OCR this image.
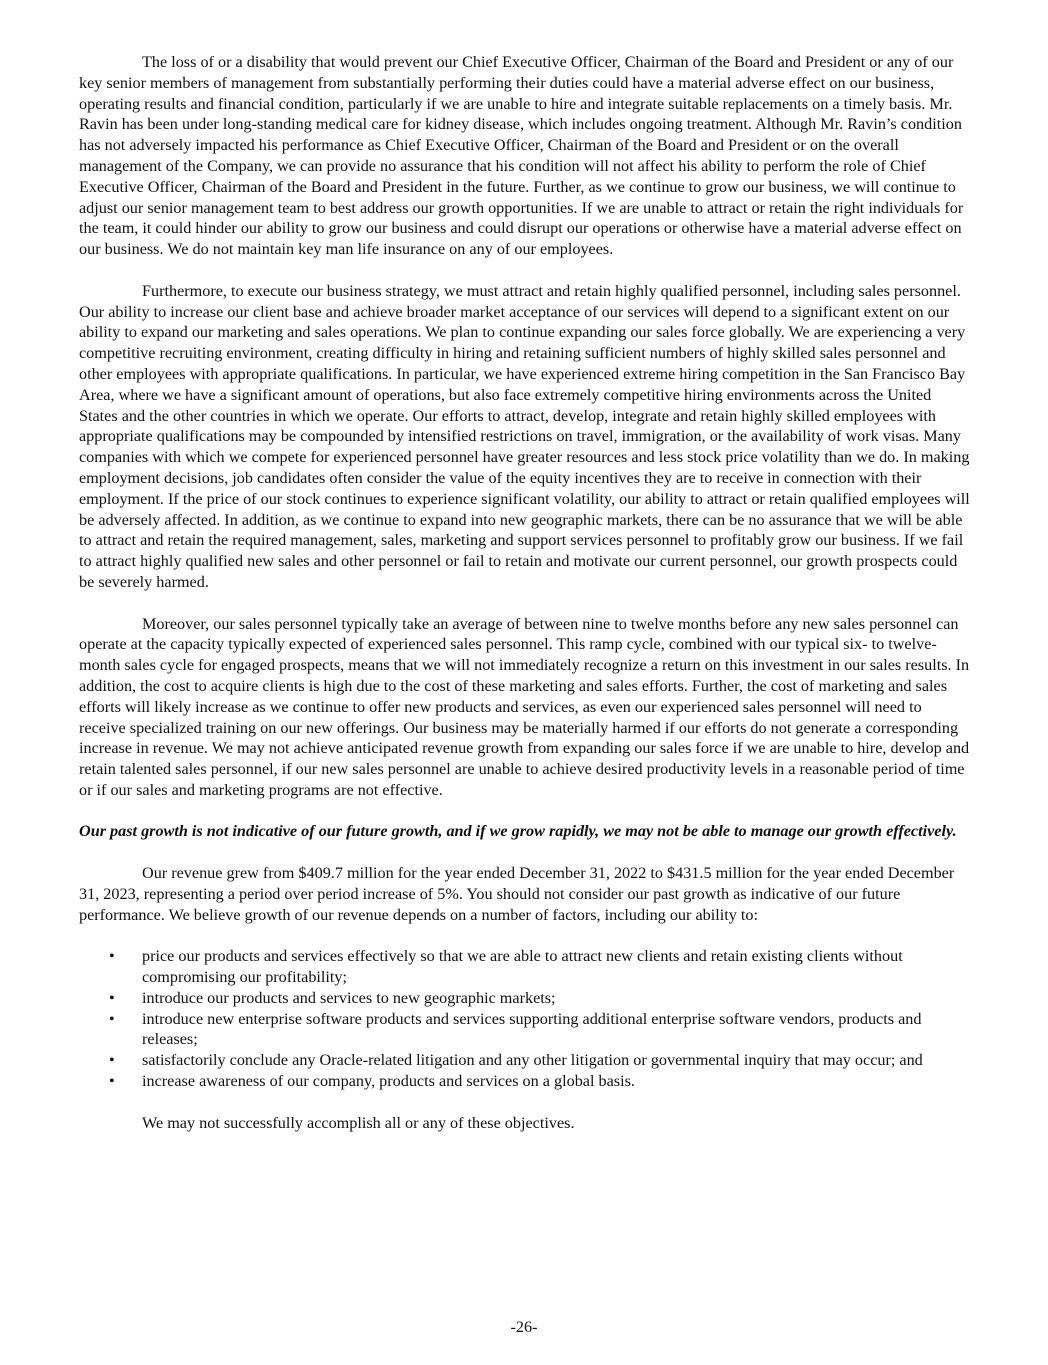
The loss of or a disability that would prevent our Chief Executive Officer, Chairman of the Board and President or any of our key senior members of management from substantially performing their duties could have a material adverse effect on our business, operating results and financial condition, particularly if we are unable to hire and integrate suitable replacements on a timely basis. Mr. Ravin has been under long-standing medical care for kidney disease, which includes ongoing treatment. Although Mr. Ravin’s condition has not adversely impacted his performance as Chief Executive Officer, Chairman of the Board and President or on the overall management of the Company, we can provide no assurance that his condition will not affect his ability to perform the role of Chief Executive Officer, Chairman of the Board and President in the future. Further, as we continue to grow our business, we will continue to adjust our senior management team to best address our growth opportunities. If we are unable to attract or retain the right individuals for the team, it could hinder our ability to grow our business and could disrupt our operations or otherwise have a material adverse effect on our business. We do not maintain key man life insurance on any of our employees.

Furthermore, to execute our business strategy, we must attract and retain highly qualified personnel, including sales personnel. Our ability to increase our client base and achieve broader market acceptance of our services will depend to a significant extent on our ability to expand our marketing and sales operations. We plan to continue expanding our sales force globally. We are experiencing a very competitive recruiting environment, creating difficulty in hiring and retaining sufficient numbers of highly skilled sales personnel and other employees with appropriate qualifications. In particular, we have experienced extreme hiring competition in the San Francisco Bay Area, where we have a significant amount of operations, but also face extremely competitive hiring environments across the United States and the other countries in which we operate. Our efforts to attract, develop, integrate and retain highly skilled employees with appropriate qualifications may be compounded by intensified restrictions on travel, immigration, or the availability of work visas. Many companies with which we compete for experienced personnel have greater resources and less stock price volatility than we do. In making employment decisions, job candidates often consider the value of the equity incentives they are to receive in connection with their employment. If the price of our stock continues to experience significant volatility, our ability to attract or retain qualified employees will be adversely affected. In addition, as we continue to expand into new geographic markets, there can be no assurance that we will be able to attract and retain the required management, sales, marketing and support services personnel to profitably grow our business. If we fail to attract highly qualified new sales and other personnel or fail to retain and motivate our current personnel, our growth prospects could be severely harmed.

Moreover, our sales personnel typically take an average of between nine to twelve months before any new sales personnel can operate at the capacity typically expected of experienced sales personnel. This ramp cycle, combined with our typical six- to twelve-month sales cycle for engaged prospects, means that we will not immediately recognize a return on this investment in our sales results. In addition, the cost to acquire clients is high due to the cost of these marketing and sales efforts. Further, the cost of marketing and sales efforts will likely increase as we continue to offer new products and services, as even our experienced sales personnel will need to receive specialized training on our new offerings. Our business may be materially harmed if our efforts do not generate a corresponding increase in revenue. We may not achieve anticipated revenue growth from expanding our sales force if we are unable to hire, develop and retain talented sales personnel, if our new sales personnel are unable to achieve desired productivity levels in a reasonable period of time or if our sales and marketing programs are not effective.

Our past growth is not indicative of our future growth, and if we grow rapidly, we may not be able to manage our growth effectively.

Our revenue grew from $409.7 million for the year ended December 31, 2022 to $431.5 million for the year ended December 31, 2023, representing a period over period increase of 5%. You should not consider our past growth as indicative of our future performance. We believe growth of our revenue depends on a number of factors, including our ability to:

• price our products and services effectively so that we are able to attract new clients and retain existing clients without compromising our profitability;
• introduce our products and services to new geographic markets;
• introduce new enterprise software products and services supporting additional enterprise software vendors, products and releases;
• satisfactorily conclude any Oracle-related litigation and any other litigation or governmental inquiry that may occur; and
• increase awareness of our company, products and services on a global basis.

We may not successfully accomplish all or any of these objectives.

-26-
